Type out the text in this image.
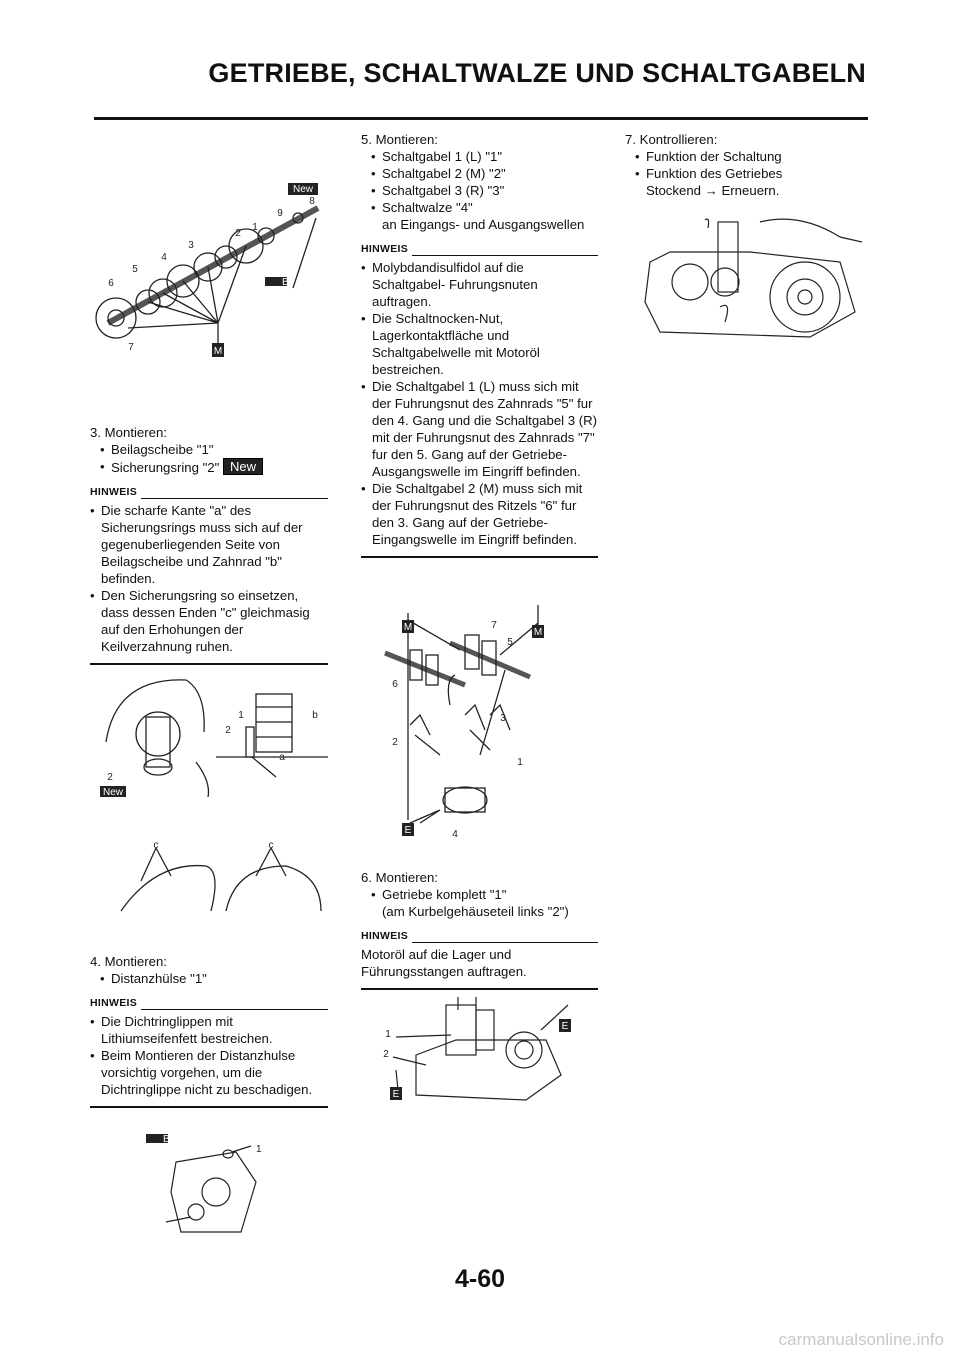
GETRIEBE, SCHALTWALZE UND SCHALTGABELN
New
B
M
1
2
3
4
5
6
7
8
9
3. Montieren:
• Beilagscheibe "1"
• Sicherungsring "2" New
HINWEIS
• Die scharfe Kante "a" des Sicherungsrings muss sich auf der gegenuberliegenden Seite von Beilagscheibe und Zahnrad "b" befinden.
• Den Sicherungsring so einsetzen, dass dessen Enden "c" gleichmasig auf den Erhohungen der Keilverzahnung ruhen.
New
1
2
2
a
b
c	c
4. Montieren:
• Distanzhülse "1"
HINWEIS
• Die Dichtringlippen mit Lithiumseifenfett bestreichen.
• Beim Montieren der Distanzhulse vorsichtig vorgehen, um die Dichtringlippe nicht zu beschadigen.
B
1
5. Montieren:
• Schaltgabel 1 (L) "1"
• Schaltgabel 2 (M) "2"
• Schaltgabel 3 (R) "3"
• Schaltwalze "4"
an Eingangs- und Ausgangswellen
HINWEIS
• Molybdandisulfidol auf die Schaltgabel- Fuhrungsnuten auftragen.
• Die Schaltnocken-Nut, Lagerkontaktfläche und Schaltgabelwelle mit Motoröl bestreichen.
• Die Schaltgabel 1 (L) muss sich mit der Fuhrungsnut des Zahnrads "5" fur den 4. Gang und die Schaltgabel 3 (R) mit der Fuhrungsnut des Zahnrads "7" fur den 5. Gang auf der Getriebe-Ausgangswelle im Eingriff befinden.
• Die Schaltgabel 2 (M) muss sich mit der Fuhrungsnut des Ritzels "6" fur den 3. Gang auf der Getriebe- Eingangswelle im Eingriff befinden.
M	M
E
1
2
3
4
5
6
7
6. Montieren:
• Getriebe komplett "1"
(am Kurbelgehäuseteil links "2")
HINWEIS
Motoröl auf die Lager und Führungsstangen auftragen.
E
E
1
2
7. Kontrollieren:
• Funktion der Schaltung
• Funktion des Getriebes
Stockend → Erneuern.
4-60
carmanualsonline.info
